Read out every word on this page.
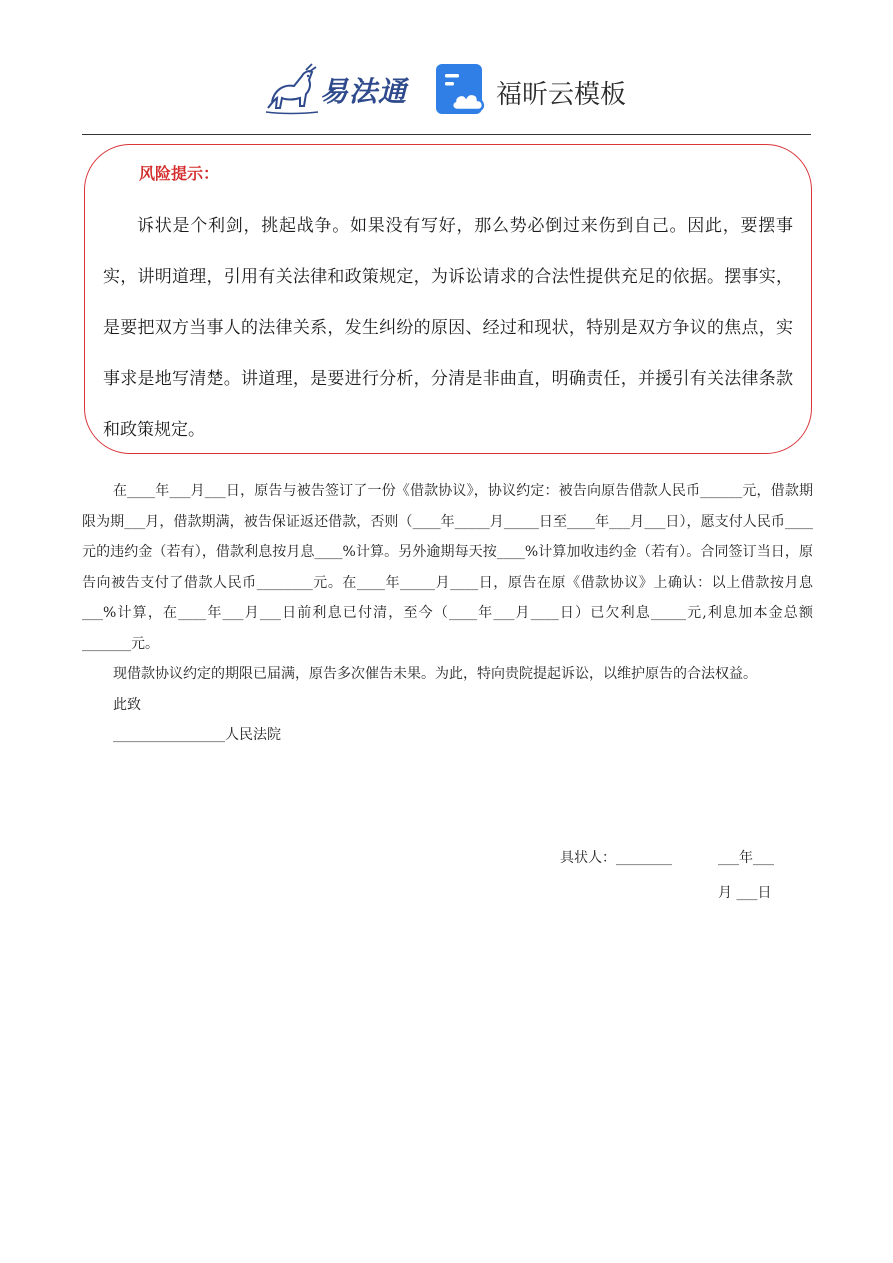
易法通	福昕云模板
风险提示：
诉状是个利剑，挑起战争。如果没有写好，那么势必倒过来伤到自己。因此，要摆事实，讲明道理，引用有关法律和政策规定，为诉讼请求的合法性提供充足的依据。摆事实，是要把双方当事人的法律关系，发生纠纷的原因、经过和现状，特别是双方争议的焦点，实事求是地写清楚。讲道理，是要进行分析，分清是非曲直，明确责任，并援引有关法律条款和政策规定。

在____年___月___日，原告与被告签订了一份《借款协议》，协议约定：被告向原告借款人民币______元，借款期限为期___月，借款期满，被告保证返还借款，否则（____年_____月_____日至____年___月___日），愿支付人民币____元的违约金（若有），借款利息按月息____%计算。另外逾期每天按____%计算加收违约金（若有）。合同签订当日，原告向被告支付了借款人民币________元。在____年_____月____日，原告在原《借款协议》上确认：以上借款按月息___%计算，在____年___月___日前利息已付清，至今（____年___月____日）已欠利息_____元,利息加本金总额_______元。

现借款协议约定的期限已届满，原告多次催告未果。为此，特向贵院提起诉讼，以维护原告的合法权益。

此致
________________人民法院
具状人：________	___年___
月 ___日
